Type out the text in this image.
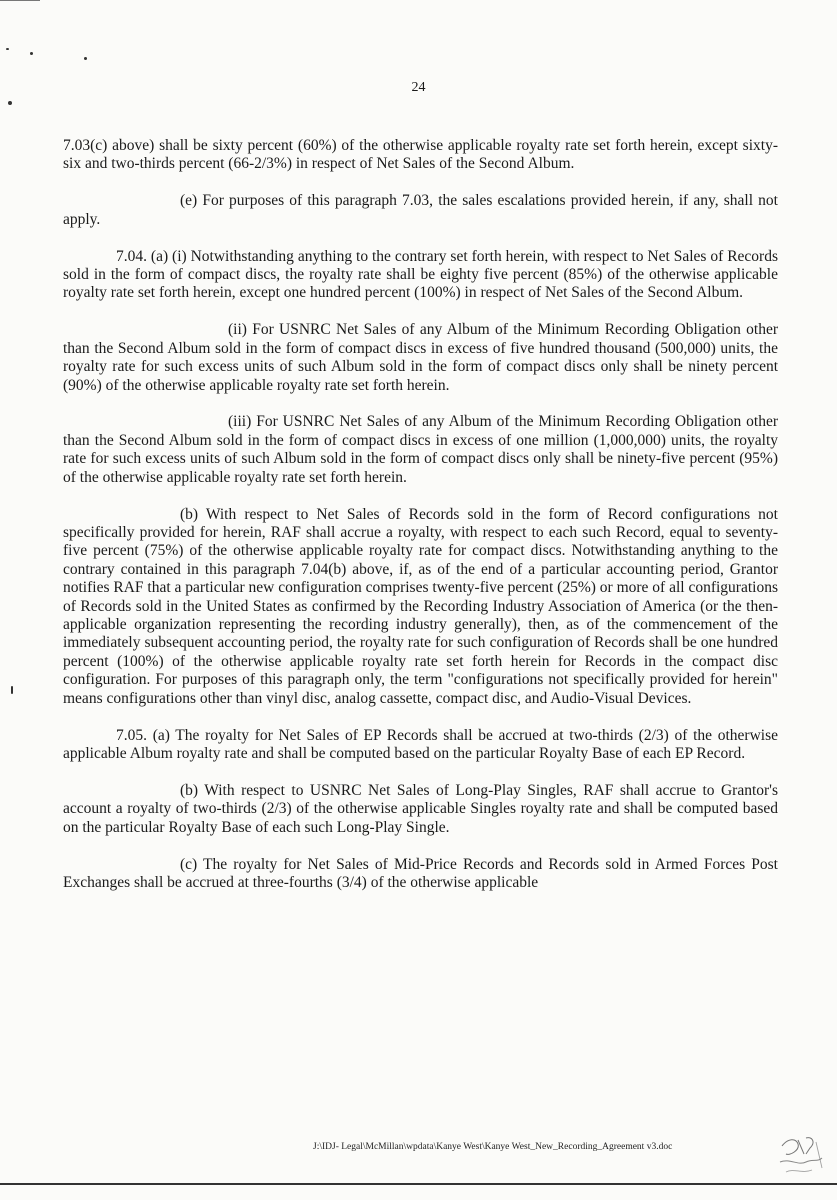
24

7.03(c) above) shall be sixty percent (60%) of the otherwise applicable royalty rate set forth herein, except sixty-six and two-thirds percent (66-2/3%) in respect of Net Sales of the Second Album.

(e) For purposes of this paragraph 7.03, the sales escalations provided herein, if any, shall not apply.

7.04. (a) (i) Notwithstanding anything to the contrary set forth herein, with respect to Net Sales of Records sold in the form of compact discs, the royalty rate shall be eighty five percent (85%) of the otherwise applicable royalty rate set forth herein, except one hundred percent (100%) in respect of Net Sales of the Second Album.

(ii) For USNRC Net Sales of any Album of the Minimum Recording Obligation other than the Second Album sold in the form of compact discs in excess of five hundred thousand (500,000) units, the royalty rate for such excess units of such Album sold in the form of compact discs only shall be ninety percent (90%) of the otherwise applicable royalty rate set forth herein.

(iii) For USNRC Net Sales of any Album of the Minimum Recording Obligation other than the Second Album sold in the form of compact discs in excess of one million (1,000,000) units, the royalty rate for such excess units of such Album sold in the form of compact discs only shall be ninety-five percent (95%) of the otherwise applicable royalty rate set forth herein.

(b) With respect to Net Sales of Records sold in the form of Record configurations not specifically provided for herein, RAF shall accrue a royalty, with respect to each such Record, equal to seventy-five percent (75%) of the otherwise applicable royalty rate for compact discs. Notwithstanding anything to the contrary contained in this paragraph 7.04(b) above, if, as of the end of a particular accounting period, Grantor notifies RAF that a particular new configuration comprises twenty-five percent (25%) or more of all configurations of Records sold in the United States as confirmed by the Recording Industry Association of America (or the then-applicable organization representing the recording industry generally), then, as of the commencement of the immediately subsequent accounting period, the royalty rate for such configuration of Records shall be one hundred percent (100%) of the otherwise applicable royalty rate set forth herein for Records in the compact disc configuration. For purposes of this paragraph only, the term "configurations not specifically provided for herein" means configurations other than vinyl disc, analog cassette, compact disc, and Audio-Visual Devices.

7.05. (a) The royalty for Net Sales of EP Records shall be accrued at two-thirds (2/3) of the otherwise applicable Album royalty rate and shall be computed based on the particular Royalty Base of each EP Record.

(b) With respect to USNRC Net Sales of Long-Play Singles, RAF shall accrue to Grantor's account a royalty of two-thirds (2/3) of the otherwise applicable Singles royalty rate and shall be computed based on the particular Royalty Base of each such Long-Play Single.

(c) The royalty for Net Sales of Mid-Price Records and Records sold in Armed Forces Post Exchanges shall be accrued at three-fourths (3/4) of the otherwise applicable

J:\IDJ- Legal\McMillan\wpdata\Kanye West\Kanye West_New_Recording_Agreement v3.doc
